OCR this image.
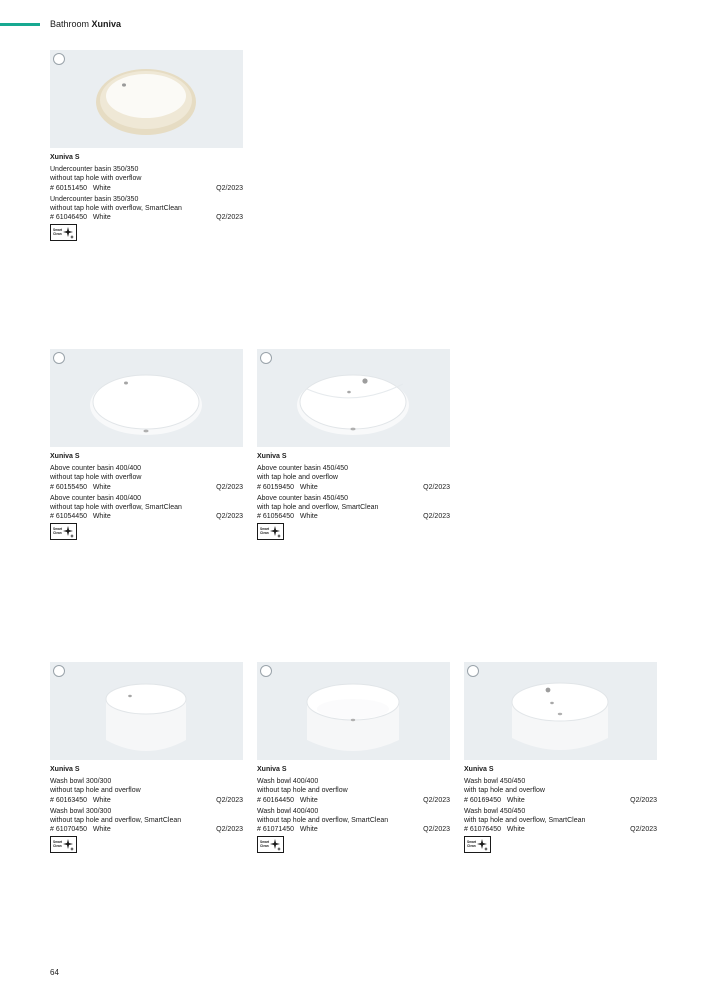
Bathroom Xuniva
Xuniva S
Undercounter basin 350/350
without tap hole with overflow
# 60151450   White	Q2/2023
Undercounter basin 350/350
without tap hole with overflow, SmartClean
# 61046450   White	Q2/2023
Smart
Clean
Xuniva S
Above counter basin 400/400
without tap hole with overflow
# 60155450   White	Q2/2023
Above counter basin 400/400
without tap hole with overflow, SmartClean
# 61054450   White	Q2/2023
Smart
Clean
Xuniva S
Above counter basin 450/450
with tap hole and overflow
# 60159450   White	Q2/2023
Above counter basin 450/450
with tap hole and overflow, SmartClean
# 61056450   White	Q2/2023
Smart
Clean
Xuniva S
Wash bowl 300/300
without tap hole and overflow
# 60163450   White	Q2/2023
Wash bowl 300/300
without tap hole and overflow, SmartClean
# 61070450   White	Q2/2023
Smart
Clean
Xuniva S
Wash bowl 400/400
without tap hole and overflow
# 60164450   White	Q2/2023
Wash bowl 400/400
without tap hole and overflow, SmartClean
# 61071450   White	Q2/2023
Smart
Clean
Xuniva S
Wash bowl 450/450
with tap hole and overflow
# 60169450   White	Q2/2023
Wash bowl 450/450
with tap hole and overflow, SmartClean
# 61076450   White	Q2/2023
Smart
Clean
64
